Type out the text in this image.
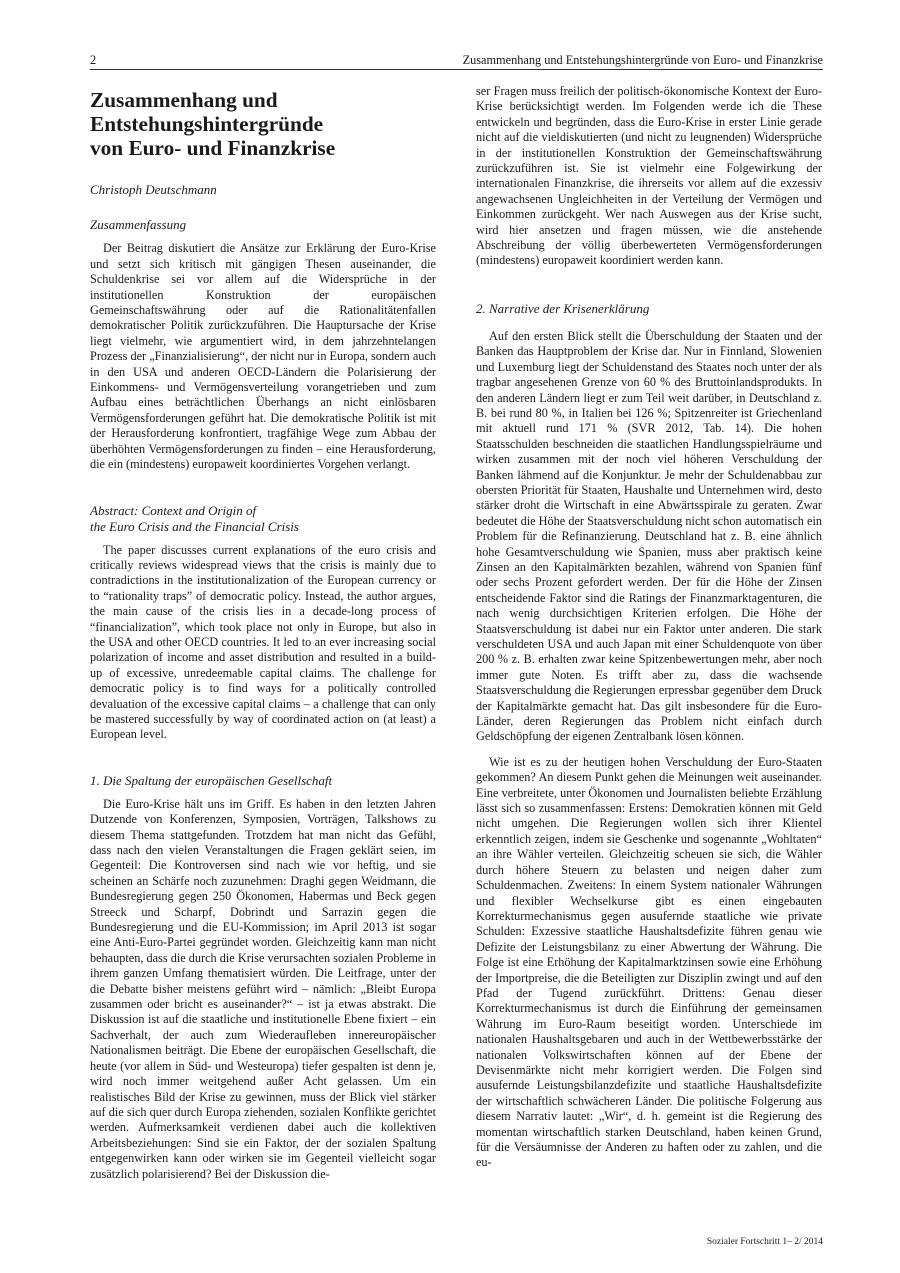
2	Zusammenhang und Entstehungshintergründe von Euro- und Finanzkrise
Zusammenhang und
Entstehungshintergründe
von Euro- und Finanzkrise
Christoph Deutschmann
Zusammenfassung

Der Beitrag diskutiert die Ansätze zur Erklärung der Euro-Krise und setzt sich kritisch mit gängigen Thesen auseinander, die Schuldenkrise sei vor allem auf die Widersprüche in der institutionellen Konstruktion der europäischen Gemeinschaftswährung oder auf die Rationalitätenfallen demokratischer Politik zurückzuführen. Die Hauptursache der Krise liegt vielmehr, wie argumentiert wird, in dem jahrzehntelangen Prozess der „Finanzialisierung“, der nicht nur in Europa, sondern auch in den USA und anderen OECD-Ländern die Polarisierung der Einkommens- und Vermögensverteilung vorangetrieben und zum Aufbau eines beträchtlichen Überhangs an nicht einlösbaren Vermögensforderungen geführt hat. Die demokratische Politik ist mit der Herausforderung konfrontiert, tragfähige Wege zum Abbau der überhöhten Vermögensforderungen zu finden – eine Herausforderung, die ein (mindestens) europaweit koordiniertes Vorgehen verlangt.

Abstract: Context and Origin of
the Euro Crisis and the Financial Crisis

The paper discusses current explanations of the euro crisis and critically reviews widespread views that the crisis is mainly due to contradictions in the institutionalization of the European currency or to “rationality traps” of democratic policy. Instead, the author argues, the main cause of the crisis lies in a decade-long process of “financialization”, which took place not only in Europe, but also in the USA and other OECD countries. It led to an ever increasing social polarization of income and asset distribution and resulted in a build-up of excessive, unredeemable capital claims. The challenge for democratic policy is to find ways for a politically controlled devaluation of the excessive capital claims – a challenge that can only be mastered successfully by way of coordinated action on (at least) a European level.

1. Die Spaltung der europäischen Gesellschaft

Die Euro-Krise hält uns im Griff. Es haben in den letzten Jahren Dutzende von Konferenzen, Symposien, Vorträgen, Talkshows zu diesem Thema stattgefunden. Trotzdem hat man nicht das Gefühl, dass nach den vielen Veranstaltungen die Fragen geklärt seien, im Gegenteil: Die Kontroversen sind nach wie vor heftig, und sie scheinen an Schärfe noch zuzunehmen: Draghi gegen Weidmann, die Bundesregierung gegen 250 Ökonomen, Habermas und Beck gegen Streeck und Scharpf, Dobrindt und Sarrazin gegen die Bundesregierung und die EU-Kommission; im April 2013 ist sogar eine Anti-Euro-Partei gegründet worden. Gleichzeitig kann man nicht behaupten, dass die durch die Krise verursachten sozialen Probleme in ihrem ganzen Umfang thematisiert würden. Die Leitfrage, unter der die Debatte bisher meistens geführt wird – nämlich: „Bleibt Europa zusammen oder bricht es auseinander?“ – ist ja etwas abstrakt. Die Diskussion ist auf die staatliche und institutionelle Ebene fixiert – ein Sachverhalt, der auch zum Wiederaufleben innereuropäischer Nationalismen beiträgt. Die Ebene der europäischen Gesellschaft, die heute (vor allem in Süd- und Westeuropa) tiefer gespalten ist denn je, wird noch immer weitgehend außer Acht gelassen. Um ein realistisches Bild der Krise zu gewinnen, muss der Blick viel stärker auf die sich quer durch Europa ziehenden, sozialen Konflikte gerichtet werden. Aufmerksamkeit verdienen dabei auch die kollektiven Arbeitsbeziehungen: Sind sie ein Faktor, der der sozialen Spaltung entgegenwirken kann oder wirken sie im Gegenteil vielleicht sogar zusätzlich polarisierend? Bei der Diskussion die-

ser Fragen muss freilich der politisch-ökonomische Kontext der Euro-Krise berücksichtigt werden. Im Folgenden werde ich die These entwickeln und begründen, dass die Euro-Krise in erster Linie gerade nicht auf die vieldiskutierten (und nicht zu leugnenden) Widersprüche in der institutionellen Konstruktion der Gemeinschaftswährung zurückzuführen ist. Sie ist vielmehr eine Folgewirkung der internationalen Finanzkrise, die ihrerseits vor allem auf die exzessiv angewachsenen Ungleichheiten in der Verteilung der Vermögen und Einkommen zurückgeht. Wer nach Auswegen aus der Krise sucht, wird hier ansetzen und fragen müssen, wie die anstehende Abschreibung der völlig überbewerteten Vermögensforderungen (mindestens) europaweit koordiniert werden kann.

2. Narrative der Krisenerklärung

Auf den ersten Blick stellt die Überschuldung der Staaten und der Banken das Hauptproblem der Krise dar. Nur in Finnland, Slowenien und Luxemburg liegt der Schuldenstand des Staates noch unter der als tragbar angesehenen Grenze von 60 % des Bruttoinlandsprodukts. In den anderen Ländern liegt er zum Teil weit darüber, in Deutschland z. B. bei rund 80 %, in Italien bei 126 %; Spitzenreiter ist Griechenland mit aktuell rund 171 % (SVR 2012, Tab. 14). Die hohen Staatsschulden beschneiden die staatlichen Handlungsspielräume und wirken zusammen mit der noch viel höheren Verschuldung der Banken lähmend auf die Konjunktur. Je mehr der Schuldenabbau zur obersten Priorität für Staaten, Haushalte und Unternehmen wird, desto stärker droht die Wirtschaft in eine Abwärtsspirale zu geraten. Zwar bedeutet die Höhe der Staatsverschuldung nicht schon automatisch ein Problem für die Refinanzierung. Deutschland hat z. B. eine ähnlich hohe Gesamtverschuldung wie Spanien, muss aber praktisch keine Zinsen an den Kapitalmärkten bezahlen, während von Spanien fünf oder sechs Prozent gefordert werden. Der für die Höhe der Zinsen entscheidende Faktor sind die Ratings der Finanzmarktagenturen, die nach wenig durchsichtigen Kriterien erfolgen. Die Höhe der Staatsverschuldung ist dabei nur ein Faktor unter anderen. Die stark verschuldeten USA und auch Japan mit einer Schuldenquote von über 200 % z. B. erhalten zwar keine Spitzenbewertungen mehr, aber noch immer gute Noten. Es trifft aber zu, dass die wachsende Staatsverschuldung die Regierungen erpressbar gegenüber dem Druck der Kapitalmärkte gemacht hat. Das gilt insbesondere für die Euro-Länder, deren Regierungen das Problem nicht einfach durch Geldschöpfung der eigenen Zentralbank lösen können.

Wie ist es zu der heutigen hohen Verschuldung der Euro-Staaten gekommen? An diesem Punkt gehen die Meinungen weit auseinander. Eine verbreitete, unter Ökonomen und Journalisten beliebte Erzählung lässt sich so zusammenfassen: Erstens: Demokratien können mit Geld nicht umgehen. Die Regierungen wollen sich ihrer Klientel erkenntlich zeigen, indem sie Geschenke und sogenannte „Wohltaten“ an ihre Wähler verteilen. Gleichzeitig scheuen sie sich, die Wähler durch höhere Steuern zu belasten und neigen daher zum Schuldenmachen. Zweitens: In einem System nationaler Währungen und flexibler Wechselkurse gibt es einen eingebauten Korrekturmechanismus gegen ausufernde staatliche wie private Schulden: Exzessive staatliche Haushaltsdefizite führen genau wie Defizite der Leistungsbilanz zu einer Abwertung der Währung. Die Folge ist eine Erhöhung der Kapitalmarktzinsen sowie eine Erhöhung der Importpreise, die die Beteiligten zur Disziplin zwingt und auf den Pfad der Tugend zurückführt. Drittens: Genau dieser Korrekturmechanismus ist durch die Einführung der gemeinsamen Währung im Euro-Raum beseitigt worden. Unterschiede im nationalen Haushaltsgebaren und auch in der Wettbewerbsstärke der nationalen Volkswirtschaften können auf der Ebene der Devisenmärkte nicht mehr korrigiert werden. Die Folgen sind ausufernde Leistungsbilanzdefizite und staatliche Haushaltsdefizite der wirtschaftlich schwächeren Länder. Die politische Folgerung aus diesem Narrativ lautet: „Wir“, d. h. gemeint ist die Regierung des momentan wirtschaftlich starken Deutschland, haben keinen Grund, für die Versäumnisse der Anderen zu haften oder zu zahlen, und die eu-

Sozialer Fortschritt 1– 2/ 2014
